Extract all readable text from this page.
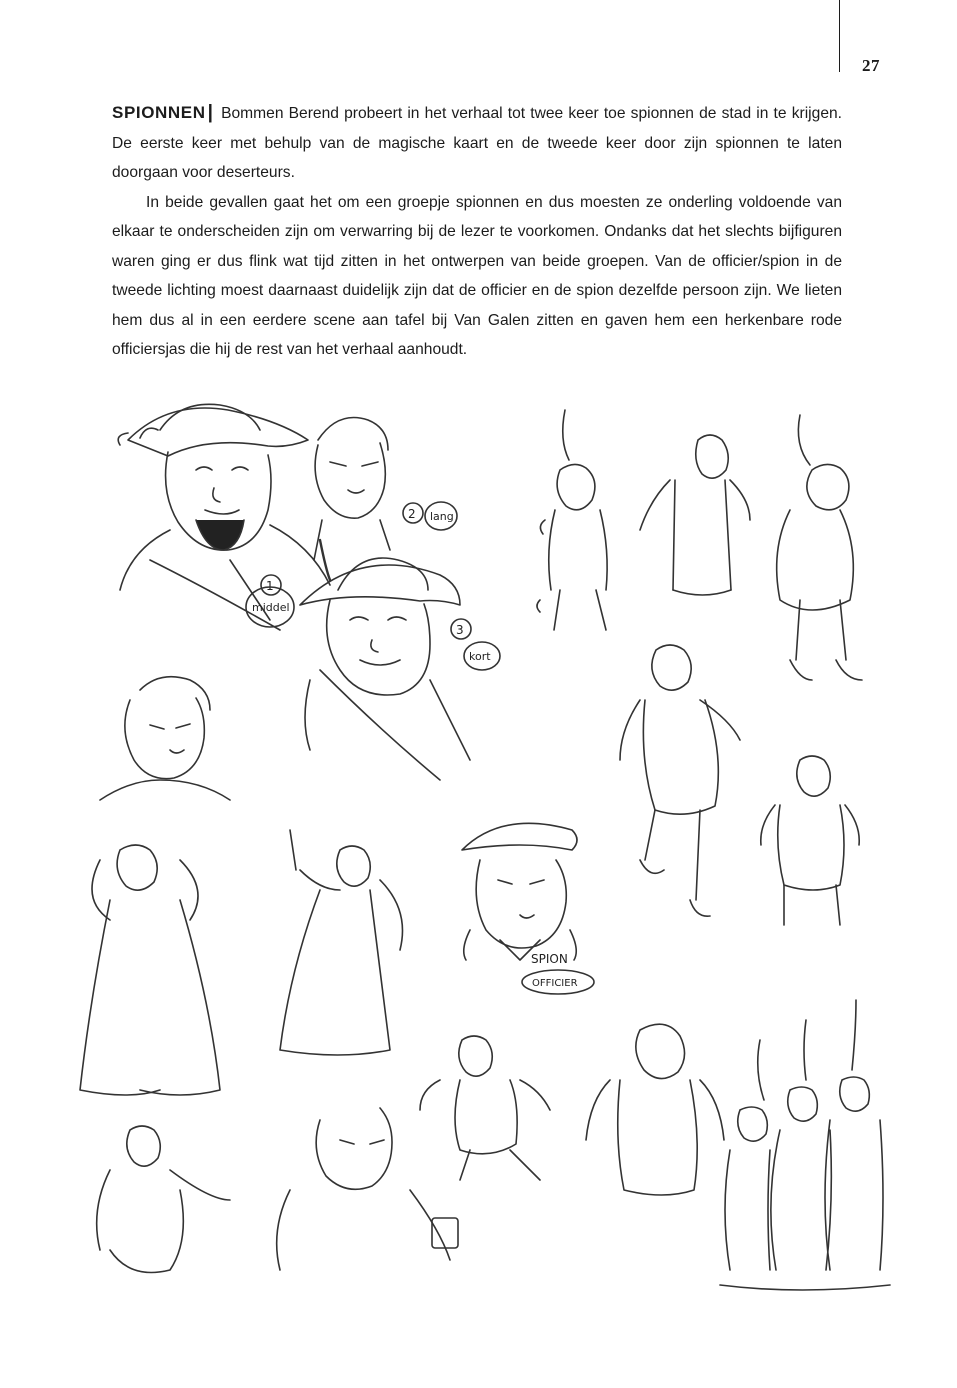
27

SPIONNEN | Bommen Berend probeert in het verhaal tot twee keer toe spionnen de stad in te krijgen. De eerste keer met behulp van de magische kaart en de tweede keer door zijn spionnen te laten doorgaan voor deserteurs.

In beide gevallen gaat het om een groepje spionnen en dus moesten ze onderling voldoende van elkaar te onderscheiden zijn om verwarring bij de lezer te voorkomen. Ondanks dat het slechts bijfiguren waren ging er dus flink wat tijd zitten in het ontwerpen van beide groepen. Van de officier/spion in de tweede lichting moest daarnaast duidelijk zijn dat de officier en de spion dezelfde persoon zijn. We lieten hem dus al in een eerdere scene aan tafel bij Van Galen zitten en gaven hem een herkenbare rode officiersjas die hij de rest van het verhaal aanhoudt.

1
middel
2 lang
3
kort
SPION
OFFICIER
